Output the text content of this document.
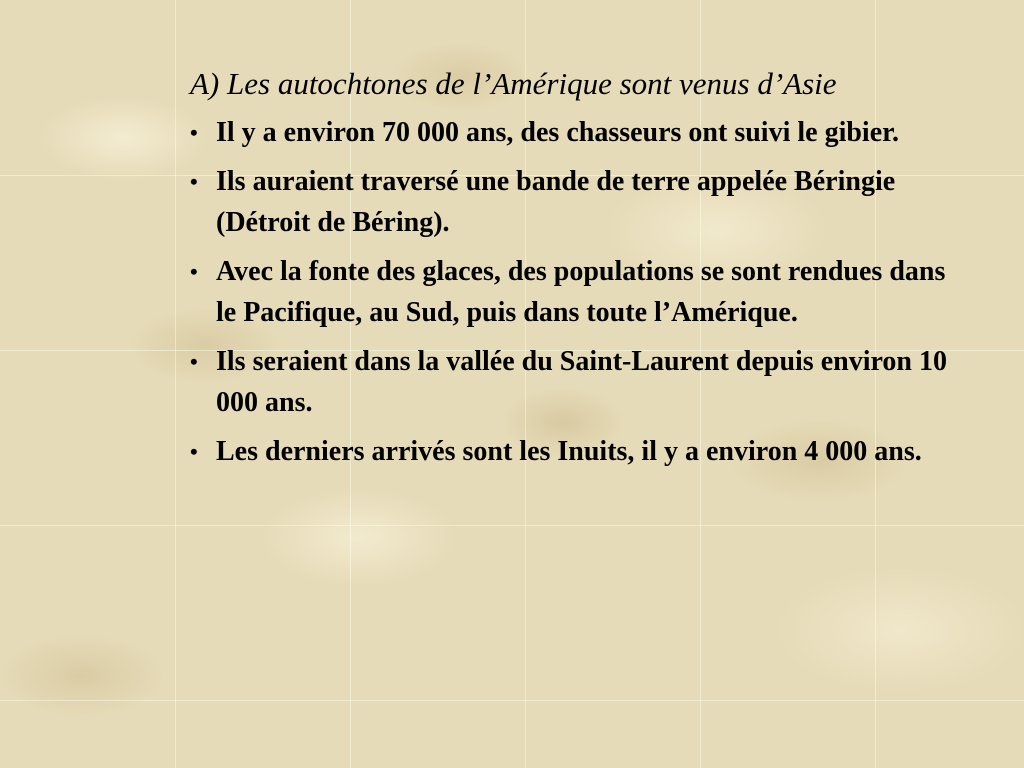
A) Les autochtones de l’Amérique sont venus d’Asie
• Il y a environ 70 000 ans, des chasseurs ont suivi le gibier.
• Ils auraient traversé une bande de terre appelée Béringie (Détroit de Béring).
• Avec la fonte des glaces, des populations se sont rendues dans le Pacifique, au Sud, puis dans toute l’Amérique.
• Ils seraient dans la vallée du Saint-Laurent depuis environ 10 000 ans.
• Les derniers arrivés sont les Inuits, il y a environ 4 000 ans.
